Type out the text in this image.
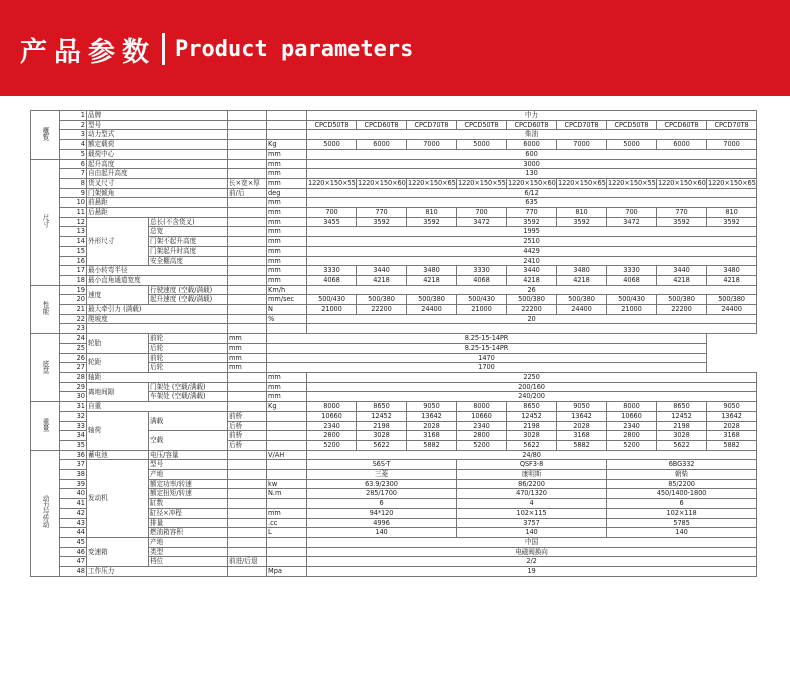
产品参数 Product parameters
概覧	1	品牌				中力								
	2	型号				CPCD50T8	CPCD60T8	CPCD70T8	CPCD50T8	CPCD60T8	CPCD70T8	CPCD50T8	CPCD60T8	CPCD70T8
	3	动力型式				柴油								
	4	额定载荷			Kg	5000	6000	7000	5000	6000	7000	5000	6000	7000
	5	载荷中心			mm	600								
尺寸	6	起升高度			mm	3000								
	7	自由起升高度			mm	130								
	8	货叉尺寸		长×宽×厚	mm	1220×150×55	1220×150×60	1220×150×65	1220×150×55	1220×150×60	1220×150×65	1220×150×55	1220×150×60	1220×150×65
	9	门架倾角		前/后	deg	6/12								
	10	前悬距			mm	635								
	11	后悬距			mm	700	770	810	700	770	810	700	770	810
	12	外形尺寸	总长(不含货叉)		mm	3455	3592	3592	3472	3592	3592	3472	3592	3592
	13		总宽		mm	1995								
	14		门架不起升高度		mm	2510								
	15		门架起升时高度		mm	4429								
	16		安全棚高度		mm	2410								
	17	最小转弯半径			mm	3330	3440	3480	3330	3440	3480	3330	3440	3480
	18	最小直角通道宽度			mm	4068	4218	4218	4068	4218	4218	4068	4218	4218
性能	19	速度	行驶速度 (空载/满载)		Km/h	26								
	20		起升速度 (空载/满载)		mm/sec	500/430	500/380	500/380	500/430	500/380	500/380	500/430	500/380	500/380
	21	最大牵引力 (满载)			N	21000	22200	24400	21000	22200	24400	21000	22200	24400
	22	爬坡度			%	20								
	23													
底盘	24	轮胎	前轮	mm	8.25-15-14PR									
	25		后轮	mm	8.25-15-14PR									
	26	轮距	前轮	mm	1470									
	27		后轮	mm	1700									
	28	轴距			mm	2250								
	29	离地间隙	门架处 (空载/满载)		mm	200/160								
	30		车架处 (空载/满载)		mm	240/200								
重量	31	自重			Kg	8000	8650	9050	8000	8650	9050	8000	8650	9050
	32	轴荷	满载	前桥		10660	12452	13642	10660	12452	13642	10660	12452	13642
	33			后桥		2340	2198	2028	2340	2198	2028	2340	2198	2028
	34		空载	前桥		2800	3028	3168	2800	3028	3168	2800	3028	3168
	35			后桥		5200	5622	5882	5200	5622	5882	5200	5622	5882
动力与传动	36	蓄电池	电压/容量		V/AH	24/80								
	37	发动机	型号			S6S-T			QSF3-8			6BG332		
	38		产地			三菱			康明斯			朝柴		
	39		额定功率/转速		kw	63.9/2300			86/2200			85/2200		
	40		额定扭矩/转速		N.m	285/1700			470/1320			450/1400-1800		
	41		缸数			6			4			6		
	42		缸径×冲程		mm	94*120			102×115			102×118		
	43		排量		.cc	4996			3757			5785		
	44		燃油箱容积		L	140			140			140		
	45	变速箱	产地			中国								
	46		类型			电磁阀换向								
	47		档位	前进/后退		2/2								
	48	工作压力			Mpa	19								
